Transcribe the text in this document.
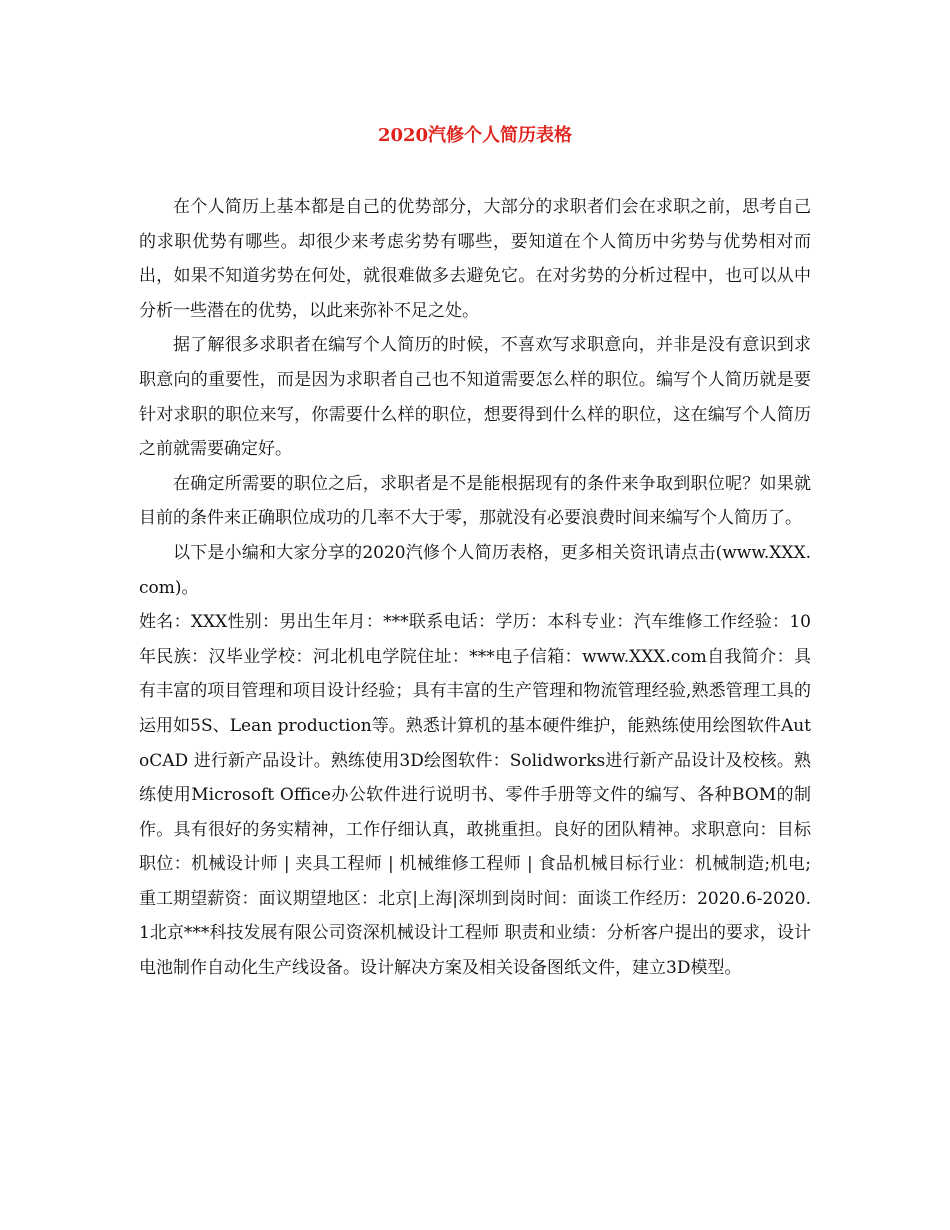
2020汽修个人简历表格

在个人简历上基本都是自己的优势部分，大部分的求职者们会在求职之前，思考自己的求职优势有哪些。却很少来考虑劣势有哪些，要知道在个人简历中劣势与优势相对而出，如果不知道劣势在何处，就很难做多去避免它。在对劣势的分析过程中，也可以从中分析一些潜在的优势，以此来弥补不足之处。

据了解很多求职者在编写个人简历的时候，不喜欢写求职意向，并非是没有意识到求职意向的重要性，而是因为求职者自己也不知道需要怎么样的职位。编写个人简历就是要针对求职的职位来写，你需要什么样的职位，想要得到什么样的职位，这在编写个人简历之前就需要确定好。

在确定所需要的职位之后，求职者是不是能根据现有的条件来争取到职位呢？如果就目前的条件来正确职位成功的几率不大于零，那就没有必要浪费时间来编写个人简历了。

以下是小编和大家分享的2020汽修个人简历表格，更多相关资讯请点击(www.XXX.com)。

姓名：XXX性别：男出生年月：***联系电话：学历：本科专业：汽车维修工作经验：10年民族：汉毕业学校：河北机电学院住址：***电子信箱：www.XXX.com自我简介：具有丰富的项目管理和项目设计经验；具有丰富的生产管理和物流管理经验,熟悉管理工具的运用如5S、Lean production等。熟悉计算机的基本硬件维护，能熟练使用绘图软件AutoCAD 进行新产品设计。熟练使用3D绘图软件：Solidworks进行新产品设计及校核。熟练使用Microsoft Office办公软件进行说明书、零件手册等文件的编写、各种BOM的制作。具有很好的务实精神，工作仔细认真，敢挑重担。良好的团队精神。求职意向：目标职位：机械设计师 | 夹具工程师 | 机械维修工程师 | 食品机械目标行业：机械制造;机电;重工期望薪资：面议期望地区：北京|上海|深圳到岗时间：面谈工作经历：2020.6-2020.1北京***科技发展有限公司资深机械设计工程师 职责和业绩：分析客户提出的要求，设计电池制作自动化生产线设备。设计解决方案及相关设备图纸文件，建立3D模型。
